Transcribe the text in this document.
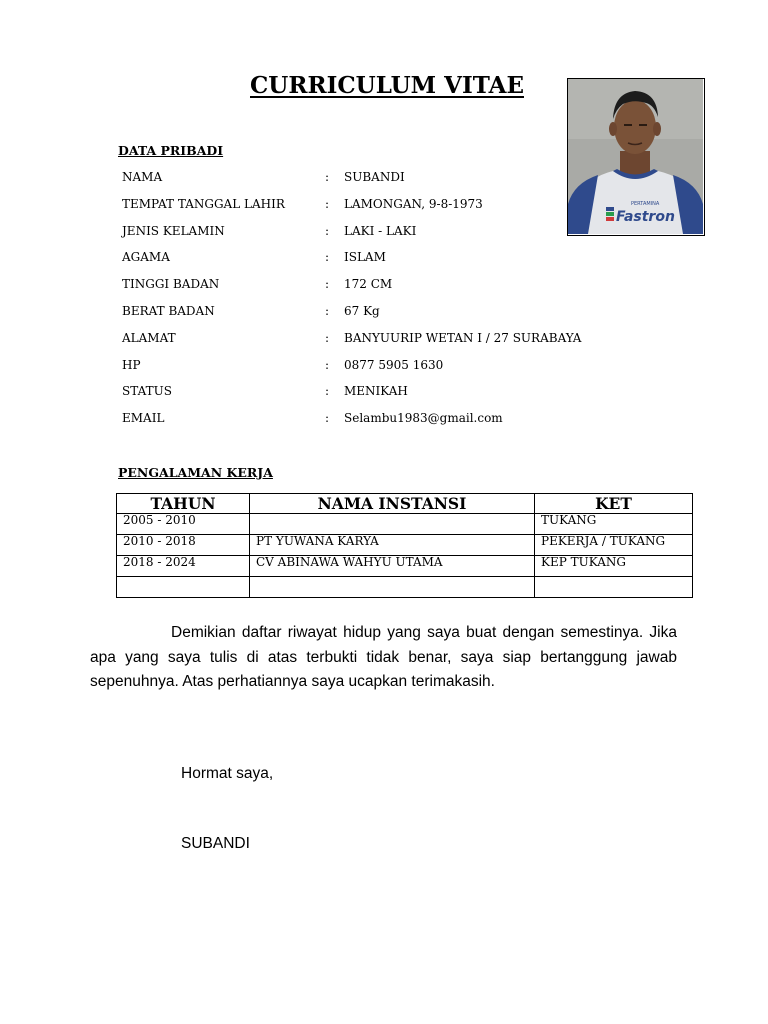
CURRICULUM VITAE
PERTAMINA
Fastron
DATA PRIBADI
NAMA	: SUBANDI
TEMPAT TANGGAL LAHIR	: LAMONGAN, 9-8-1973
JENIS KELAMIN	: LAKI - LAKI
AGAMA	: ISLAM
TINGGI BADAN	: 172 CM
BERAT BADAN	: 67 Kg
ALAMAT	: BANYUURIP WETAN I / 27 SURABAYA
HP	: 0877 5905 1630
STATUS	: MENIKAH
EMAIL	: Selambu1983@gmail.com
PENGALAMAN KERJA
TAHUN	NAMA INSTANSI	KET
2005 - 2010		TUKANG
2010 - 2018	PT YUWANA KARYA	PEKERJA / TUKANG
2018 - 2024	CV ABINAWA WAHYU UTAMA	KEP TUKANG

Demikian daftar riwayat hidup yang saya buat dengan semestinya. Jika apa yang saya tulis di atas terbukti tidak benar, saya siap bertanggung jawab sepenuhnya. Atas perhatiannya saya ucapkan terimakasih.
Hormat saya,
SUBANDI
